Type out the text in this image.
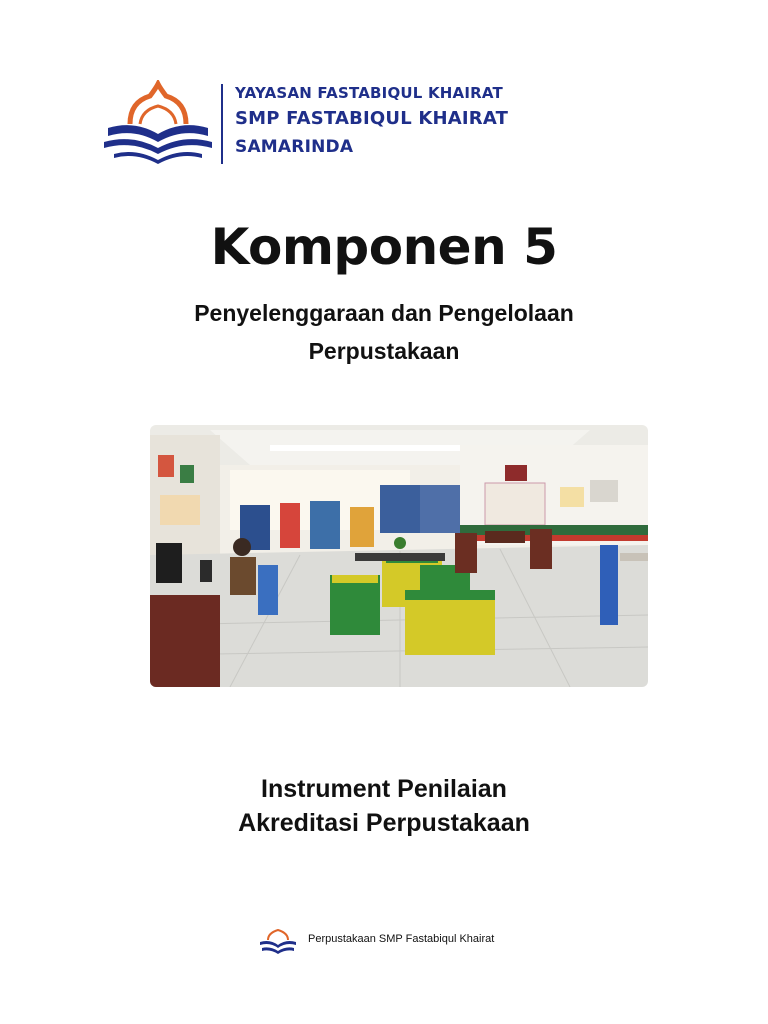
YAYASAN FASTABIQUL KHAIRAT
SMP FASTABIQUL KHAIRAT
SAMARINDA
Komponen 5
Penyelenggaraan dan Pengelolaan
Perpustakaan
Instrument Penilaian
Akreditasi Perpustakaan
Perpustakaan SMP Fastabiqul Khairat
